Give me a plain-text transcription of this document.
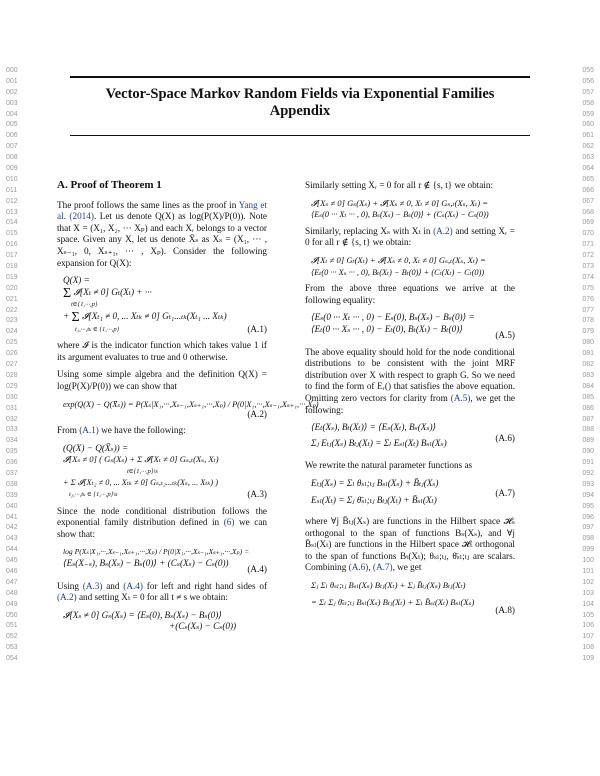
000
001
002
003
004
005
006
007
008
009
010
011
012
013
014
015
016
017
018
019
020
021
022
023
024
025
026
027
028
029
030
031
032
033
034
035
036
037
038
039
040
041
042
043
044
045
046
047
048
049
050
051
052
053
054
055
056
057
058
059
060
061
062
063
064
065
066
067
068
069
070
071
072
073
074
075
076
077
078
079
080
081
082
083
084
085
086
087
088
089
090
091
092
093
094
095
096
097
098
099
100
101
102
103
104
105
106
107
108
109
Vector-Space Markov Random Fields via Exponential Families
Appendix
A. Proof of Theorem 1

The proof follows the same lines as the proof in Yang et al. (2014). Let us denote Q(X) as log(P(X)/P(0)). Note that X = (X₁, X₂, ··· Xₚ) and each Xᵣ belongs to a vector space. Given any X, let us denote X̄ₛ as Xₛ = (X₁, ··· , Xₛ₋₁, 0, Xₛ₊₁, ··· , Xₚ). Consider the following expansion for Q(X):

Q(X) =
Σ 𝓘[Xₜ ≠ 0] Gₜ(Xₜ) + ···
t∈{1,···,p}
+ Σ 𝓘[Xₜ₁ ≠ 0, ... Xₜₖ ≠ 0] Gₜ₁...ₜₖ(Xₜ₁ ... Xₜₖ)
t₁,···,tₖ ∈ {1,···,p}	(A.1)

where 𝓘 is the indicator function which takes value 1 if its argument evaluates to true and 0 otherwise.

Using some simple algebra and the definition Q(X) = log(P(X)/P(0)) we can show that

exp(Q(X) − Q(X̄ₛ)) = P(Xₛ|X₁,···,Xₛ₋₁,Xₛ₊₁,···,Xₚ) / P(0|X₁,···,Xₛ₋₁,Xₛ₊₁,···,Xₚ)
(A.2)

From (A.1) we have the following:

(Q(X) − Q(X̄ₛ)) =
𝓘[Xₛ ≠ 0] ( Gₛ(Xₛ) + Σ 𝓘[Xₜ ≠ 0] Gₛ,ₜ(Xₛ, Xₜ)
t∈{1,···,p}\s
+ Σ 𝓘[Xₜ₂ ≠ 0, ... Xₜₖ ≠ 0] Gₛ,ₜ₂...ₜₖ(Xₛ, ... Xₜₖ) )
t₂,···,tₖ ∈ {1,···,p}\s	(A.3)

Since the node conditional distribution follows the exponential family distribution defined in (6) we can show that:

log P(Xₛ|X₁,···,Xₛ₋₁,Xₛ₊₁,···,Xₚ) / P(0|X₁,···,Xₛ₋₁,Xₛ₊₁,···,Xₚ) =
⟨Eₛ(X₋ₛ), Bₛ(Xₛ) − Bₛ(0)⟩ + (Cₛ(Xₛ) − Cₛ(0))
(A.4)

Using (A.3) and (A.4) for left and right hand sides of (A.2) and setting Xₜ = 0 for all t ≠ s we obtain:

𝓘[Xₛ ≠ 0] Gₛ(Xₛ) = ⟨Eₛ(0), Bₛ(Xₛ) − Bₛ(0)⟩
+(Cₛ(Xₛ) − Cₛ(0))

Similarly setting Xᵣ = 0 for all r ∉ {s, t} we obtain:

𝓘[Xₛ ≠ 0] Gₛ(Xₛ) + 𝓘[Xₛ ≠ 0, Xₜ ≠ 0] Gₛ,ₜ(Xₛ, Xₜ) =
⟨Eₛ(0 ··· Xₜ ··· , 0), Bₛ(Xₛ) − Bₛ(0)⟩ + (Cₛ(Xₛ) − Cₛ(0))

Similarly, replacing Xₛ with Xₜ in (A.2) and setting Xᵣ = 0 for all r ∉ {s, t} we obtain:

𝓘[Xₜ ≠ 0] Gₜ(Xₜ) + 𝓘[Xₛ ≠ 0, Xₜ ≠ 0] Gₛ,ₜ(Xₛ, Xₜ) =
⟨Eₜ(0 ··· Xₛ ··· , 0), Bₜ(Xₜ) − Bₜ(0)⟩ + (Cₜ(Xₜ) − Cₜ(0))

From the above three equations we arrive at the following equality:

⟨Eₛ(0 ··· Xₜ ··· , 0) − Eₛ(0), Bₛ(Xₛ) − Bₛ(0)⟩ =
⟨Eₜ(0 ··· Xₛ ··· , 0) − Eₜ(0), Bₜ(Xₜ) − Bₜ(0)⟩
(A.5)

The above equality should hold for the node conditional distributions to be consistent with the joint MRF distribution over X with respect to graph G. So we need to find the form of Eᵣ() that satisfies the above equation. Omitting zero vectors for clarity from (A.5), we get the following:

⟨Eₜ(Xₛ), Bₜ(Xₜ)⟩ = ⟨Eₛ(Xₜ), Bₛ(Xₛ)⟩
Σⱼ Eₜⱼ(Xₛ) Bₜⱼ(Xₜ) = Σₗ Eₛₗ(Xₜ) Bₛₗ(Xₛ)	(A.6)

We rewrite the natural parameter functions as

Eₜⱼ(Xₛ) = Σₗ θₛₗ;ₜⱼ Bₛₗ(Xₛ) + B̄ₜⱼ(Xₛ)
Eₛₗ(Xₜ) = Σⱼ θ̄ₛₗ;ₜⱼ Bₜⱼ(Xₜ) + B̄ₛₗ(Xₜ)
(A.7)

where ∀j B̄ₜⱼ(Xₛ) are functions in the Hilbert space 𝓗ₛ orthogonal to the span of functions Bₛ(Xₛ), and ∀j B̄ₛₗ(Xₜ) are functions in the Hilbert space 𝓗ₜ orthogonal to the span of functions Bₜ(Xₜ); θₛₗ;ₜⱼ, θ̄ₛₗ;ₜⱼ are scalars. Combining (A.6), (A.7), we get

Σⱼ Σₗ θₛₗ;ₜⱼ Bₛₗ(Xₛ) Bₜⱼ(Xₜ) + Σⱼ B̄ₜⱼ(Xₛ) Bₜⱼ(Xₜ)
= Σₗ Σⱼ θ̄ₛₗ;ₜⱼ Bₛₗ(Xₛ) Bₜⱼ(Xₜ) + Σₗ B̄ₛₗ(Xₜ) Bₛₗ(Xₛ)
(A.8)
